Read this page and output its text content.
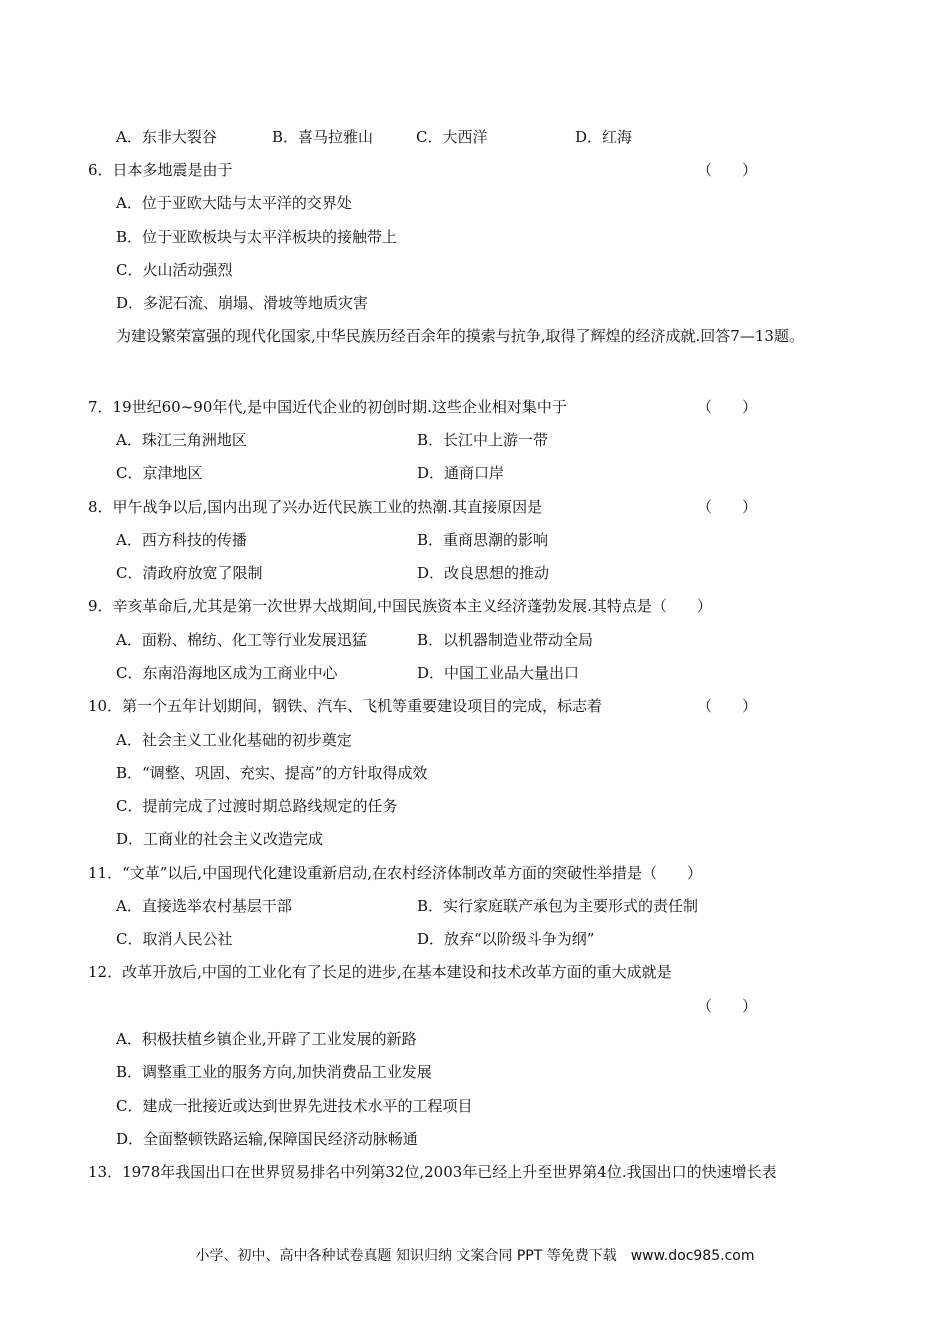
A．东非大裂谷	B．喜马拉雅山	C．大西洋	D．红海
6．日本多地震是由于	（　　）
A．位于亚欧大陆与太平洋的交界处
B．位于亚欧板块与太平洋板块的接触带上
C．火山活动强烈
D．多泥石流、崩塌、滑坡等地质灾害
为建设繁荣富强的现代化国家,中华民族历经百余年的摸索与抗争,取得了辉煌的经济成就.回答7—13题。
7．19世纪60~90年代,是中国近代企业的初创时期.这些企业相对集中于	（　　）
A．珠江三角洲地区	B．长江中上游一带
C．京津地区	D．通商口岸
8．甲午战争以后,国内出现了兴办近代民族工业的热潮.其直接原因是	（　　）
A．西方科技的传播	B．重商思潮的影响
C．清政府放宽了限制	D．改良思想的推动
9．辛亥革命后,尤其是第一次世界大战期间,中国民族资本主义经济蓬勃发展.其特点是（　　）
A．面粉、棉纺、化工等行业发展迅猛	B．以机器制造业带动全局
C．东南沿海地区成为工商业中心	D．中国工业品大量出口
10．第一个五年计划期间，钢铁、汽车、飞机等重要建设项目的完成，标志着	（　　）
A．社会主义工业化基础的初步奠定
B．“调整、巩固、充实、提高”的方针取得成效
C．提前完成了过渡时期总路线规定的任务
D．工商业的社会主义改造完成
11．“文革”以后,中国现代化建设重新启动,在农村经济体制改革方面的突破性举措是（　　）
A．直接选举农村基层干部	B．实行家庭联产承包为主要形式的责任制
C．取消人民公社	D．放弃“以阶级斗争为纲”
12．改革开放后,中国的工业化有了长足的进步,在基本建设和技术改革方面的重大成就是
（　　）
A．积极扶植乡镇企业,开辟了工业发展的新路
B．调整重工业的服务方向,加快消费品工业发展
C．建成一批接近或达到世界先进技术水平的工程项目
D．全面整顿铁路运输,保障国民经济动脉畅通
13．1978年我国出口在世界贸易排名中列第32位,2003年已经上升至世界第4位.我国出口的快速增长表
小学、初中、高中各种试卷真题 知识归纳 文案合同 PPT 等免费下载　www.doc985.com
